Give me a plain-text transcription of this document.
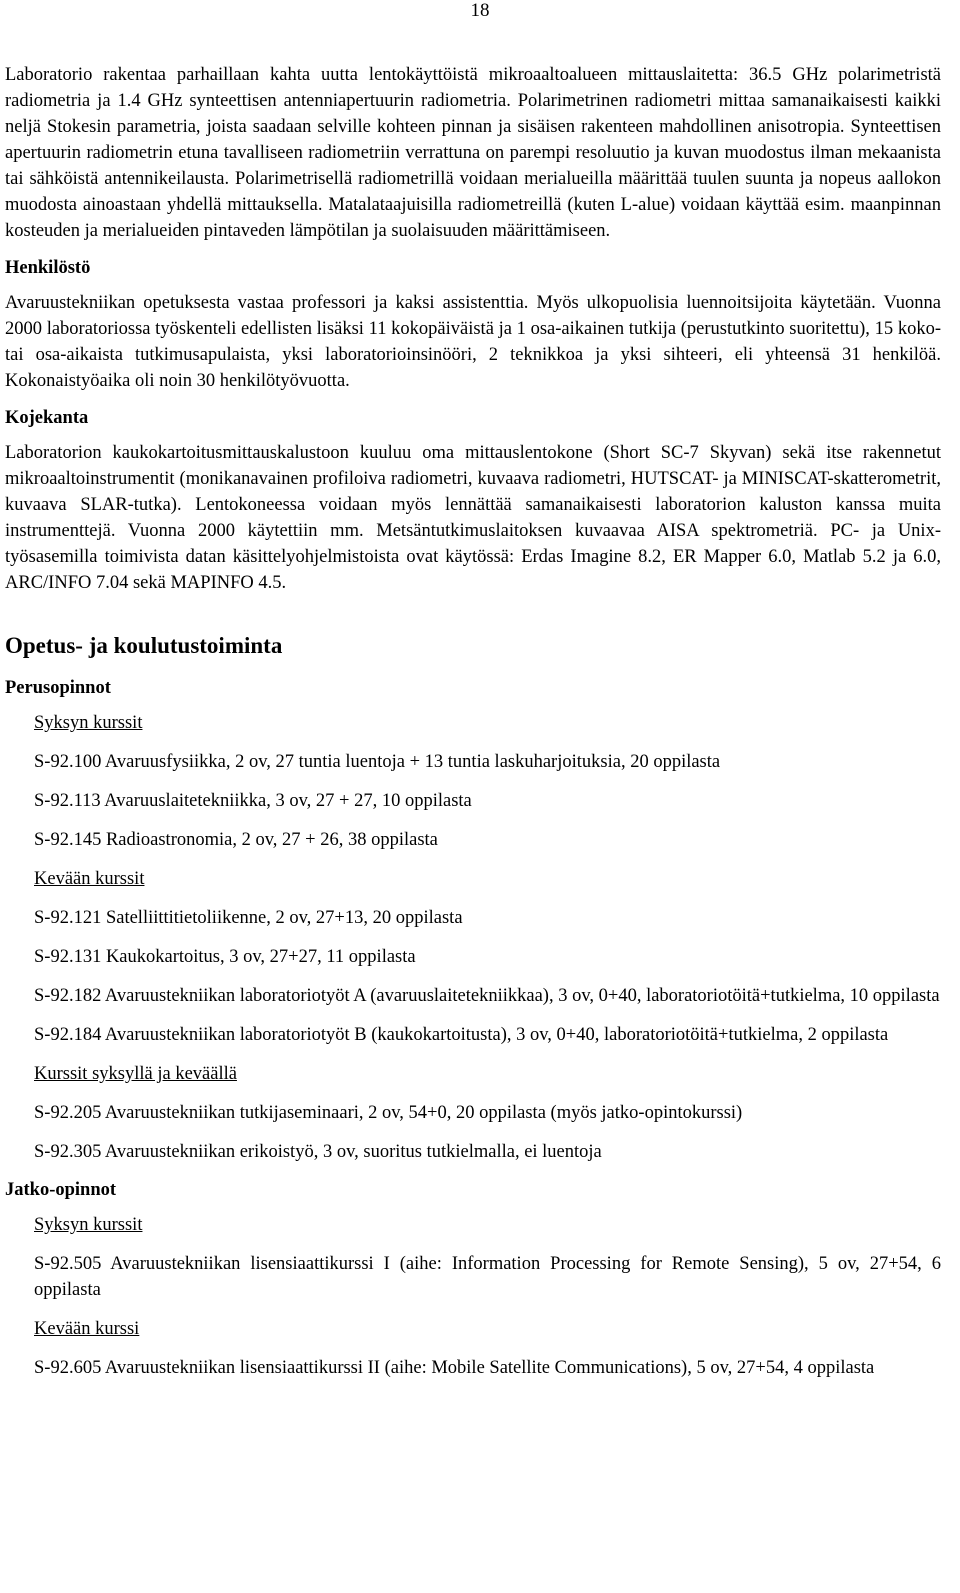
18

Laboratorio rakentaa parhaillaan kahta uutta lentokäyttöistä mikroaaltoalueen mittauslaitetta: 36.5 GHz polarimetristä radiometria ja 1.4 GHz synteettisen antenniapertuurin radiometria. Polarimetrinen radiometri mittaa samanaikaisesti kaikki neljä Stokesin parametria, joista saadaan selville kohteen pinnan ja sisäisen rakenteen mahdollinen anisotropia. Synteettisen apertuurin radiometrin etuna tavalliseen radiometriin verrattuna on parempi resoluutio ja kuvan muodostus ilman mekaanista tai sähköistä antennikeilausta. Polarimetrisellä radiometrillä voidaan merialueilla määrittää tuulen suunta ja nopeus aallokon muodosta ainoastaan yhdellä mittauksella. Matalataajuisilla radiometreillä (kuten L-alue) voidaan käyttää esim. maanpinnan kosteuden ja merialueiden pintaveden lämpötilan ja suolaisuuden määrittämiseen.

Henkilöstö

Avaruustekniikan opetuksesta vastaa professori ja kaksi assistenttia. Myös ulkopuolisia luennoitsijoita käytetään. Vuonna 2000 laboratoriossa työskenteli edellisten lisäksi 11 kokopäiväistä ja 1 osa-aikainen tutkija (perustutkinto suoritettu), 15 koko- tai osa-aikaista tutkimusapulaista, yksi laboratorioinsinööri, 2 teknikkoa ja yksi sihteeri, eli yhteensä 31 henkilöä. Kokonaistyöaika oli noin 30 henkilötyövuotta.

Kojekanta

Laboratorion kaukokartoitusmittauskalustoon kuuluu oma mittauslentokone (Short SC-7 Skyvan) sekä itse rakennetut mikroaaltoinstrumentit (monikanavainen profiloiva radiometri, kuvaava radiometri, HUTSCAT- ja MINISCAT-skatterometrit, kuvaava SLAR-tutka). Lentokoneessa voidaan myös lennättää samanaikaisesti laboratorion kaluston kanssa muita instrumenttejä. Vuonna 2000 käytettiin mm. Metsäntutkimuslaitoksen kuvaavaa AISA spektrometriä. PC- ja Unix-työsasemilla toimivista datan käsittelyohjelmistoista ovat käytössä: Erdas Imagine 8.2, ER Mapper 6.0, Matlab 5.2 ja 6.0, ARC/INFO 7.04 sekä MAPINFO 4.5.

Opetus- ja koulutustoiminta
Perusopinnot
Syksyn kurssit
S-92.100 Avaruusfysiikka, 2 ov, 27 tuntia luentoja + 13 tuntia laskuharjoituksia, 20 oppilasta
S-92.113 Avaruuslaitetekniikka, 3 ov, 27 + 27, 10 oppilasta
S-92.145 Radioastronomia, 2 ov, 27 + 26, 38 oppilasta
Kevään kurssit
S-92.121 Satelliittitietoliikenne, 2 ov, 27+13, 20 oppilasta
S-92.131 Kaukokartoitus, 3 ov, 27+27, 11 oppilasta
S-92.182 Avaruustekniikan laboratoriotyöt A (avaruuslaitetekniikkaa), 3 ov, 0+40, laboratoriotöitä+tutkielma, 10 oppilasta
S-92.184 Avaruustekniikan laboratoriotyöt B (kaukokartoitusta), 3 ov, 0+40, laboratoriotöitä+tutkielma, 2 oppilasta
Kurssit syksyllä ja keväällä
S-92.205 Avaruustekniikan tutkijaseminaari, 2 ov, 54+0, 20 oppilasta (myös jatko-opintokurssi)
S-92.305 Avaruustekniikan erikoistyö, 3 ov, suoritus tutkielmalla, ei luentoja
Jatko-opinnot
Syksyn kurssit
S-92.505 Avaruustekniikan lisensiaattikurssi I (aihe: Information Processing for Remote Sensing), 5 ov, 27+54, 6 oppilasta
Kevään kurssi
S-92.605 Avaruustekniikan lisensiaattikurssi II (aihe: Mobile Satellite Communications), 5 ov, 27+54, 4 oppilasta
